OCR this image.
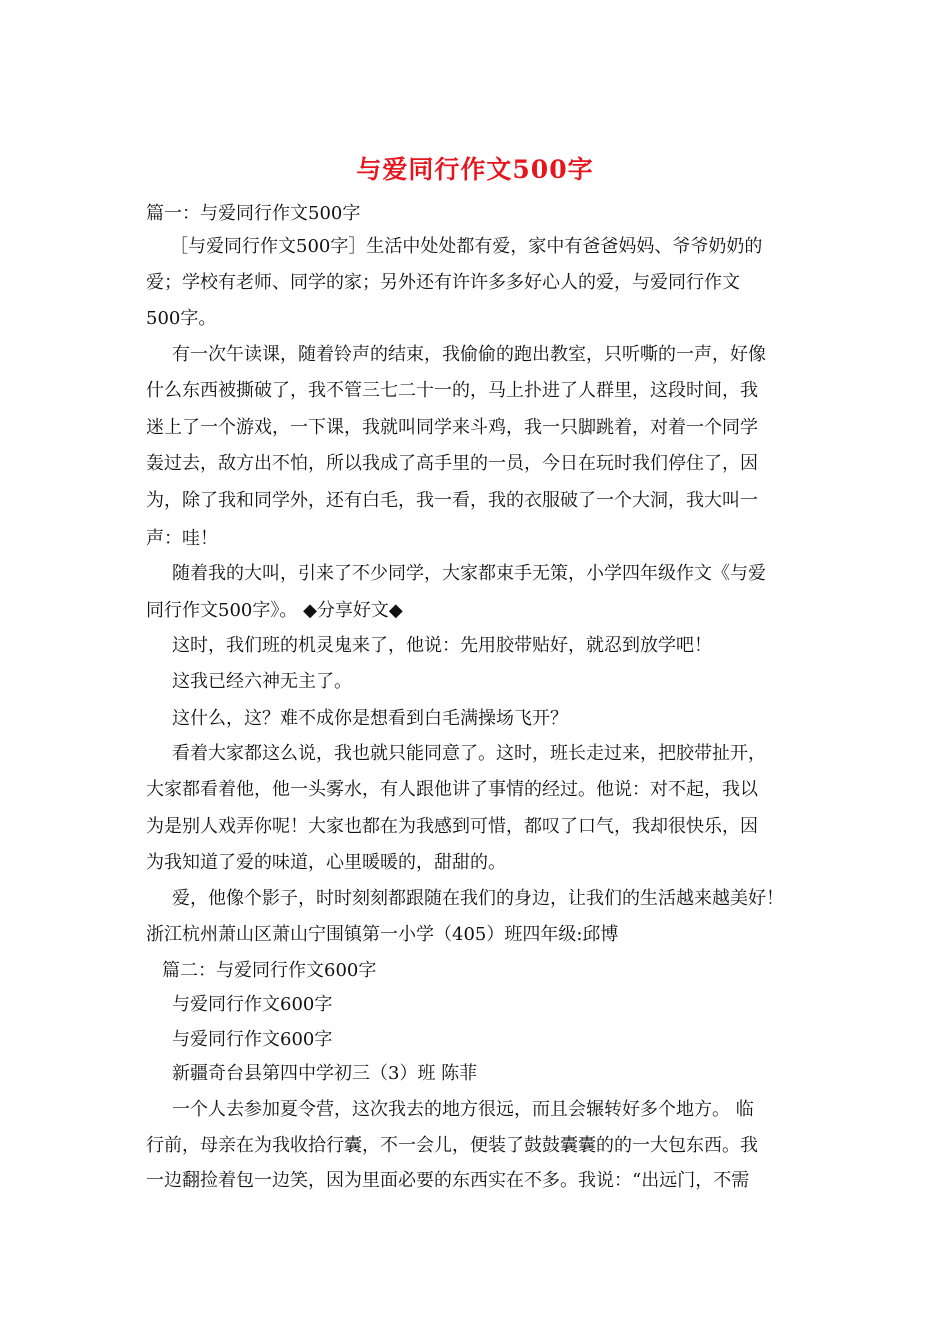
与爱同行作文500字
篇一：与爱同行作文500字
［与爱同行作文500字］生活中处处都有爱，家中有爸爸妈妈、爷爷奶奶的
爱；学校有老师、同学的家；另外还有许许多多好心人的爱，与爱同行作文
500字。
有一次午读课，随着铃声的结束，我偷偷的跑出教室，只听嘶的一声，好像
什么东西被撕破了，我不管三七二十一的，马上扑进了人群里，这段时间，我
迷上了一个游戏，一下课，我就叫同学来斗鸡，我一只脚跳着，对着一个同学
轰过去，敌方出不怕，所以我成了高手里的一员，今日在玩时我们停住了，因
为，除了我和同学外，还有白毛，我一看，我的衣服破了一个大洞，我大叫一
声：哇！
随着我的大叫，引来了不少同学，大家都束手无策，小学四年级作文《与爱
同行作文500字》。 ◆分享好文◆
这时，我们班的机灵鬼来了，他说：先用胶带贴好，就忍到放学吧！
这我已经六神无主了。
这什么，这？难不成你是想看到白毛满操场飞开？
看着大家都这么说，我也就只能同意了。这时，班长走过来，把胶带扯开，
大家都看着他，他一头雾水，有人跟他讲了事情的经过。他说：对不起，我以
为是别人戏弄你呢！大家也都在为我感到可惜，都叹了口气，我却很快乐，因
为我知道了爱的味道，心里暖暖的，甜甜的。
爱，他像个影子，时时刻刻都跟随在我们的身边，让我们的生活越来越美好！
浙江杭州萧山区萧山宁围镇第一小学（405）班四年级:邱博
篇二：与爱同行作文600字
与爱同行作文600字
与爱同行作文600字
新疆奇台县第四中学初三（3）班 陈菲
一个人去参加夏令营，这次我去的地方很远，而且会辗转好多个地方。 临
行前，母亲在为我收拾行囊，不一会儿，便装了鼓鼓囊囊的的一大包东西。我
一边翻捡着包一边笑，因为里面必要的东西实在不多。我说：“出远门，不需
